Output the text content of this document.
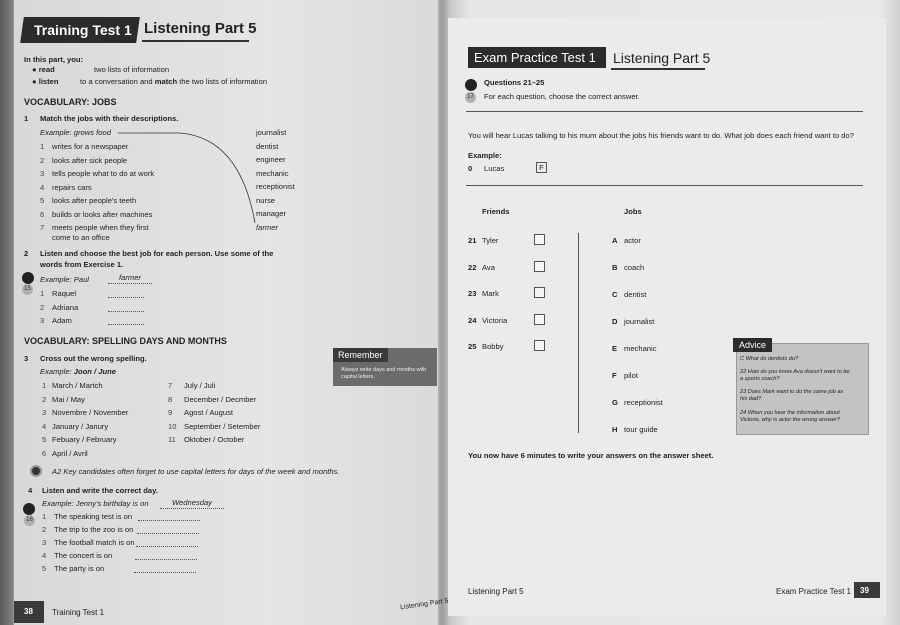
Training Test 1 Listening Part 5
In this part, you:
● read	two lists of information
● listen	to a conversation and match the two lists of information
VOCABULARY: JOBS
1 Match the jobs with their descriptions.
Example: grows food
1 writes for a newspaper
2 looks after sick people
3 tells people what to do at work
4 repairs cars
5 looks after people's teeth
6 builds or looks after machines
7 meets people when they first
come to an office
journalist
dentist
engineer
mechanic
receptionist
nurse
manager
farmer
2 Listen and choose the best job for each person. Use some of the
words from Exercise 1.
15
Example: Paul	farmer
1 Raquel
2 Adriana
3 Adam
VOCABULARY: SPELLING DAYS AND MONTHS
3 Cross out the wrong spelling.
Example: Joon / June
1 March / Martch
2 Mai / May
3 Novembre / November
4 January / Janury
5 Febuary / February
6 April / Avril
7 July / Juli
8 December / Decmber
9 Agost / August
10 September / Setember
11 Oktober / October
Remember
Always write days and months with
capital letters.
A2 Key candidates often forget to use capital letters for days of the week and months.
4 Listen and write the correct day.
Example: Jenny's birthday is on	Wednesday
16 1 The speaking test is on
2 The trip to the zoo is on
3 The football match is on
4 The concert is on
5 The party is on
38 Training Test 1
Listening Part 5
Exam Practice Test 1 Listening Part 5
17
Questions 21–25
For each question, choose the correct answer.
You will hear Lucas talking to his mum about the jobs his friends want to do. What job does each friend want to do?
Example:
0 Lucas	F
Friends	Jobs
21 Tyler
22 Ava
23 Mark
24 Victoria
25 Bobby
A actor
B coach
C dentist
D journalist
E mechanic
F pilot
G receptionist
H tour guide
Advice
C What do dentists do?
22 How do you know Ava doesn't want to be
a sports coach?
23 Does Mark want to do the same job as
his dad?
24 When you hear the information about
Victoria, why is actor the wrong answer?
You now have 6 minutes to write your answers on the answer sheet.
Listening Part 5	Exam Practice Test 1 39
